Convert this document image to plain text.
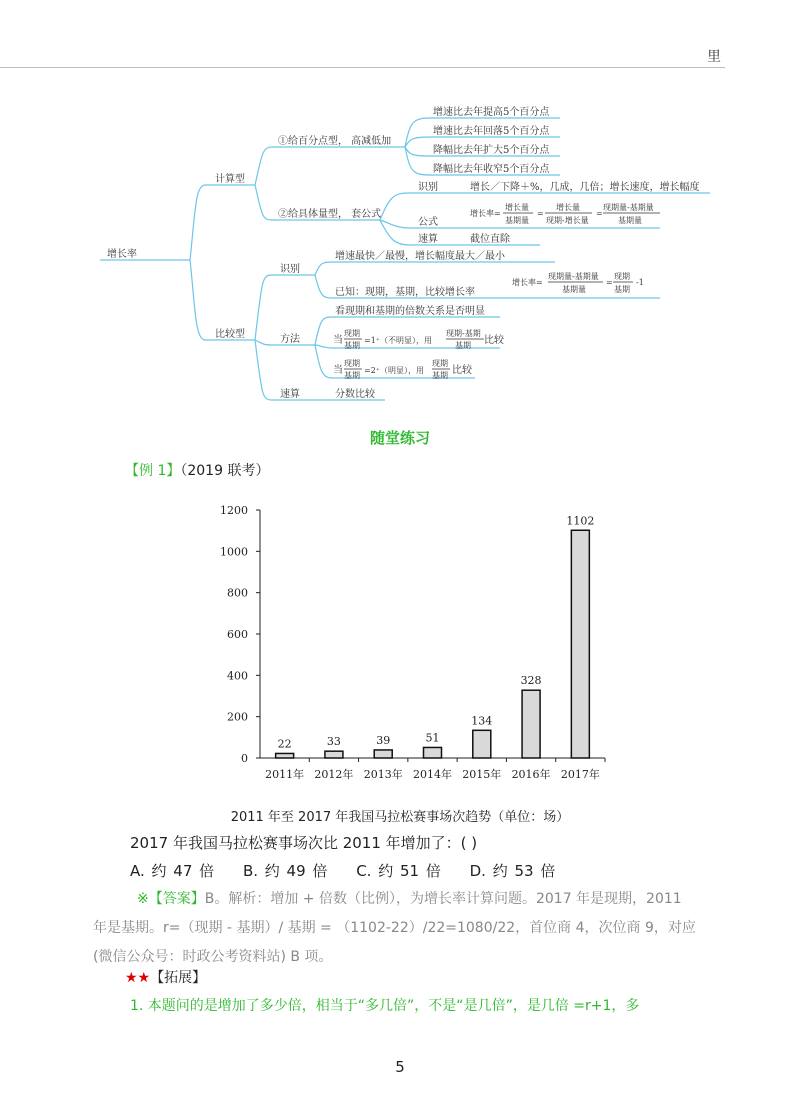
里
增长率
计算型
比较型
①给百分点型， 高减低加
增速比去年提高5个百分点
增速比去年回落5个百分点
降幅比去年扩大5个百分点
降幅比去年收窄5个百分点
②给具体量型， 套公式
识别	增长／下降＋%，几成，几倍；增长速度，增长幅度
公式
增长率=
增长量
基期量
=
增长量
现期-增长量
=
现期量-基期量
基期量
速算	截位直除
识别
增速最快／最慢，增长幅度最大／最小
已知：现期，基期，比较增长率
增长率=
现期量-基期量
基期量
=
现期
基期
-1
方法
看现期和基期的倍数关系是否明显
当
现期
基期
=1⁺（不明显），用
现期-基期
基期 比较
当
现期
基期
=2⁺（明显），用
现期
基期 比较
速算	分数比较
随堂练习
【例 1】（2019 联考）
0
200
400
600
800
1000
1200
2011年 2012年 2013年 2014年 2015年 2016年 2017年
22	33	39	51
134
328
1102
2011 年至 2017 年我国马拉松赛事场次趋势（单位：场）
2017 年我国马拉松赛事场次比 2011 年增加了：( )
A. 约 47 倍 B. 约 49 倍 C. 约 51 倍 D. 约 53 倍
※【答案】B。解析：增加 + 倍数（比例），为增长率计算问题。2017 年是现期，2011
年是基期。r=（现期 - 基期）/ 基期 = （1102-22）/22=1080/22，首位商 4，次位商 9，对应
(微信公众号：时政公考资料站) B 项。
★★【拓展】
1. 本题问的是增加了多少倍，相当于“多几倍”，不是“是几倍”，是几倍 =r+1，多
5
